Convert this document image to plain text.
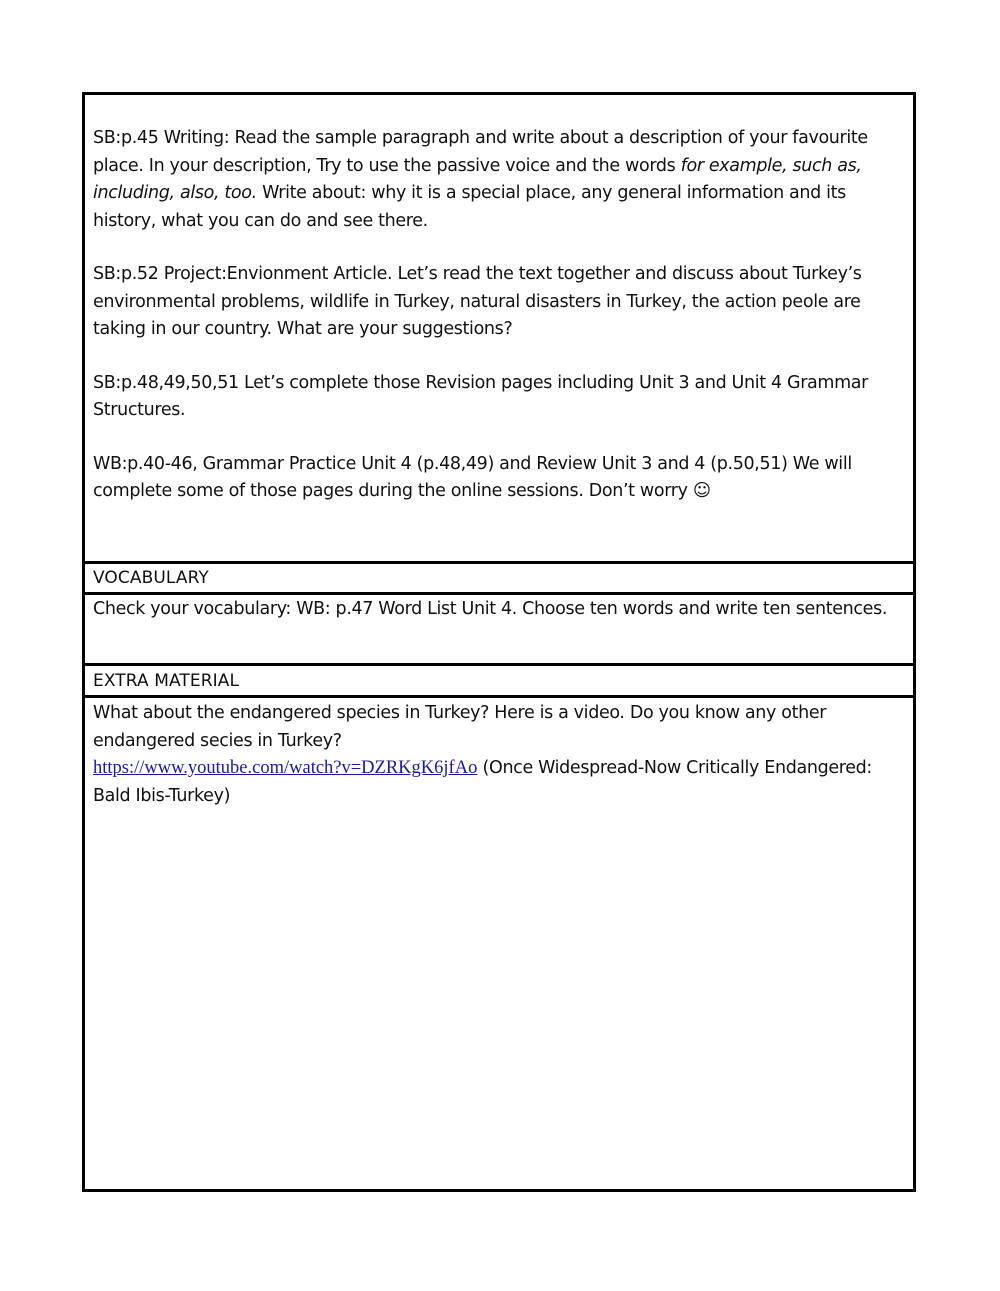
SB:p.45 Writing: Read the sample paragraph and write about a description of your favourite place. In your description, Try to use the passive voice and the words for example, such as, including, also, too. Write about: why it is a special place, any general information and its history, what you can do and see there.

SB:p.52 Project:Envionment Article. Let’s read the text together and discuss about Turkey’s environmental problems, wildlife in Turkey, natural disasters in Turkey, the action peole are taking in our country. What are your suggestions?

SB:p.48,49,50,51 Let’s complete those Revision pages including Unit 3 and Unit 4 Grammar Structures.

WB:p.40-46, Grammar Practice Unit 4 (p.48,49) and Review Unit 3 and 4 (p.50,51) We will complete some of those pages during the online sessions. Don’t worry ☺

VOCABULARY

Check your vocabulary: WB: p.47 Word List Unit 4. Choose ten words and write ten sentences.

EXTRA MATERIAL

What about the endangered species in Turkey? Here is a video. Do you know any other endangered secies in Turkey?

https://www.youtube.com/watch?v=DZRKgK6jfAo (Once Widespread-Now Critically Endangered: Bald Ibis-Turkey)
